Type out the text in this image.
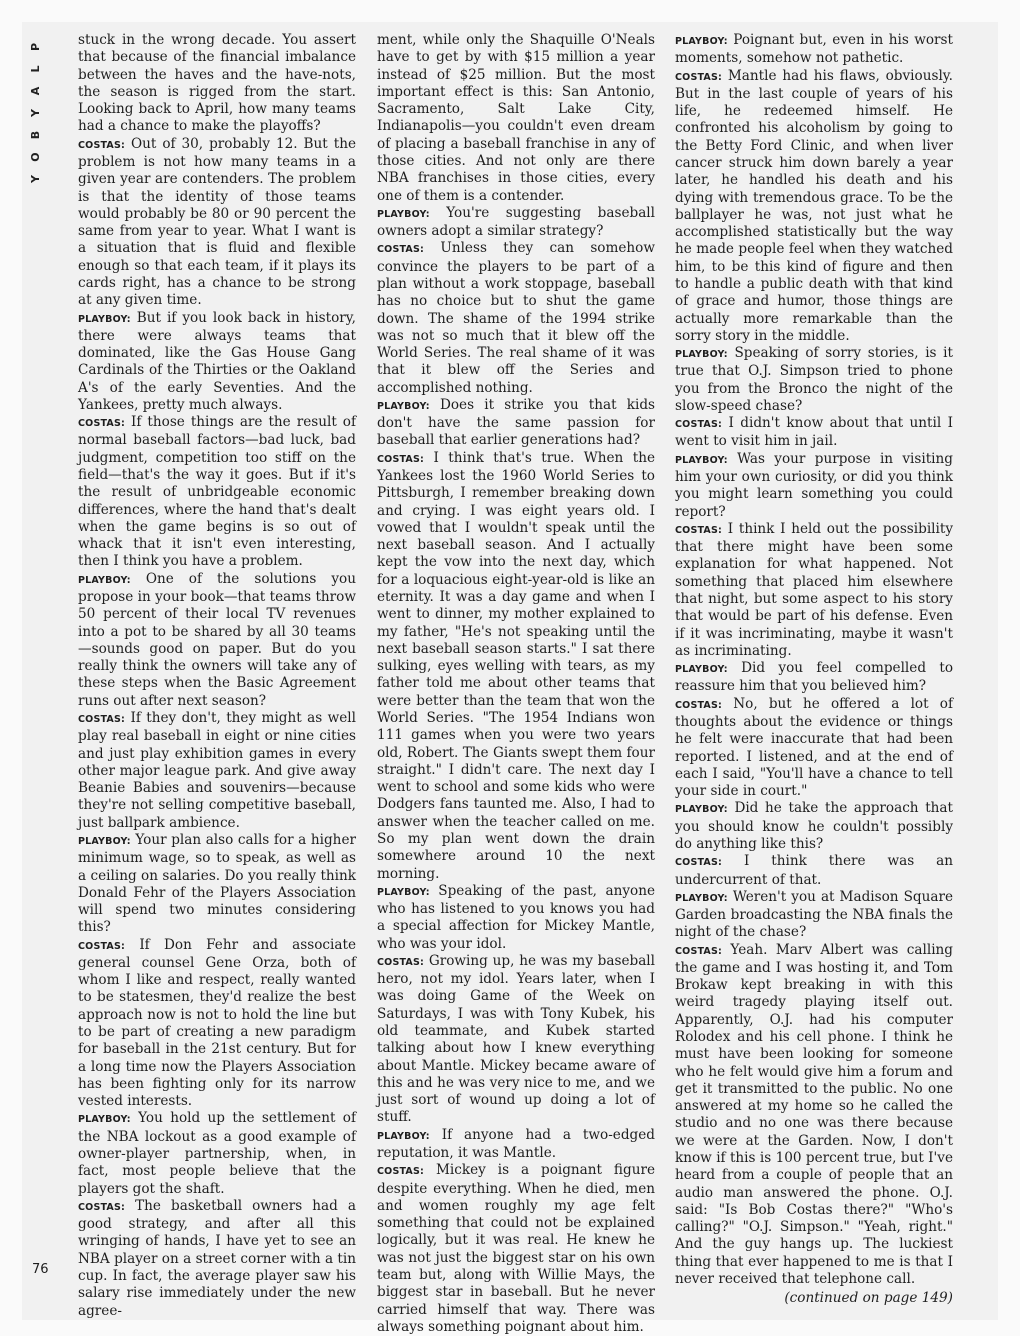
P
L
A
Y
B
O
Y

stuck in the wrong decade. You assert that because of the financial imbalance between the haves and the have-nots, the season is rigged from the start. Looking back to April, how many teams had a chance to make the playoffs?

COSTAS: Out of 30, probably 12. But the problem is not how many teams in a given year are contenders. The problem is that the identity of those teams would probably be 80 or 90 percent the same from year to year. What I want is a situation that is fluid and flexible enough so that each team, if it plays its cards right, has a chance to be strong at any given time.

PLAYBOY: But if you look back in history, there were always teams that dominated, like the Gas House Gang Cardinals of the Thirties or the Oakland A's of the early Seventies. And the Yankees, pretty much always.

COSTAS: If those things are the result of normal baseball factors—bad luck, bad judgment, competition too stiff on the field—that's the way it goes. But if it's the result of unbridgeable economic differences, where the hand that's dealt when the game begins is so out of whack that it isn't even interesting, then I think you have a problem.

PLAYBOY: One of the solutions you propose in your book—that teams throw 50 percent of their local TV revenues into a pot to be shared by all 30 teams—sounds good on paper. But do you really think the owners will take any of these steps when the Basic Agreement runs out after next season?

COSTAS: If they don't, they might as well play real baseball in eight or nine cities and just play exhibition games in every other major league park. And give away Beanie Babies and souvenirs—because they're not selling competitive baseball, just ballpark ambience.

PLAYBOY: Your plan also calls for a higher minimum wage, so to speak, as well as a ceiling on salaries. Do you really think Donald Fehr of the Players Association will spend two minutes considering this?

COSTAS: If Don Fehr and associate general counsel Gene Orza, both of whom I like and respect, really wanted to be statesmen, they'd realize the best approach now is not to hold the line but to be part of creating a new paradigm for baseball in the 21st century. But for a long time now the Players Association has been fighting only for its narrow vested interests.

PLAYBOY: You hold up the settlement of the NBA lockout as a good example of owner-player partnership, when, in fact, most people believe that the players got the shaft.

COSTAS: The basketball owners had a good strategy, and after all this wringing of hands, I have yet to see an NBA player on a street corner with a tin cup. In fact, the average player saw his salary rise immediately under the new agree-

ment, while only the Shaquille O'Neals have to get by with $15 million a year instead of $25 million. But the most important effect is this: San Antonio, Sacramento, Salt Lake City, Indianapolis—you couldn't even dream of placing a baseball franchise in any of those cities. And not only are there NBA franchises in those cities, every one of them is a contender.

PLAYBOY: You're suggesting baseball owners adopt a similar strategy?

COSTAS: Unless they can somehow convince the players to be part of a plan without a work stoppage, baseball has no choice but to shut the game down. The shame of the 1994 strike was not so much that it blew off the World Series. The real shame of it was that it blew off the Series and accomplished nothing.

PLAYBOY: Does it strike you that kids don't have the same passion for baseball that earlier generations had?

COSTAS: I think that's true. When the Yankees lost the 1960 World Series to Pittsburgh, I remember breaking down and crying. I was eight years old. I vowed that I wouldn't speak until the next baseball season. And I actually kept the vow into the next day, which for a loquacious eight-year-old is like an eternity. It was a day game and when I went to dinner, my mother explained to my father, "He's not speaking until the next baseball season starts." I sat there sulking, eyes welling with tears, as my father told me about other teams that were better than the team that won the World Series. "The 1954 Indians won 111 games when you were two years old, Robert. The Giants swept them four straight." I didn't care. The next day I went to school and some kids who were Dodgers fans taunted me. Also, I had to answer when the teacher called on me. So my plan went down the drain somewhere around 10 the next morning.

PLAYBOY: Speaking of the past, anyone who has listened to you knows you had a special affection for Mickey Mantle, who was your idol.

COSTAS: Growing up, he was my baseball hero, not my idol. Years later, when I was doing Game of the Week on Saturdays, I was with Tony Kubek, his old teammate, and Kubek started talking about how I knew everything about Mantle. Mickey became aware of this and he was very nice to me, and we just sort of wound up doing a lot of stuff.

PLAYBOY: If anyone had a two-edged reputation, it was Mantle.

COSTAS: Mickey is a poignant figure despite everything. When he died, men and women roughly my age felt something that could not be explained logically, but it was real. He knew he was not just the biggest star on his own team but, along with Willie Mays, the biggest star in baseball. But he never carried himself that way. There was always something poignant about him.

PLAYBOY: Poignant but, even in his worst moments, somehow not pathetic.

COSTAS: Mantle had his flaws, obviously. But in the last couple of years of his life, he redeemed himself. He confronted his alcoholism by going to the Betty Ford Clinic, and when liver cancer struck him down barely a year later, he handled his death and his dying with tremendous grace. To be the ballplayer he was, not just what he accomplished statistically but the way he made people feel when they watched him, to be this kind of figure and then to handle a public death with that kind of grace and humor, those things are actually more remarkable than the sorry story in the middle.

PLAYBOY: Speaking of sorry stories, is it true that O.J. Simpson tried to phone you from the Bronco the night of the slow-speed chase?

COSTAS: I didn't know about that until I went to visit him in jail.

PLAYBOY: Was your purpose in visiting him your own curiosity, or did you think you might learn something you could report?

COSTAS: I think I held out the possibility that there might have been some explanation for what happened. Not something that placed him elsewhere that night, but some aspect to his story that would be part of his defense. Even if it was incriminating, maybe it wasn't as incriminating.

PLAYBOY: Did you feel compelled to reassure him that you believed him?

COSTAS: No, but he offered a lot of thoughts about the evidence or things he felt were inaccurate that had been reported. I listened, and at the end of each I said, "You'll have a chance to tell your side in court."

PLAYBOY: Did he take the approach that you should know he couldn't possibly do anything like this?

COSTAS: I think there was an undercurrent of that.

PLAYBOY: Weren't you at Madison Square Garden broadcasting the NBA finals the night of the chase?

COSTAS: Yeah. Marv Albert was calling the game and I was hosting it, and Tom Brokaw kept breaking in with this weird tragedy playing itself out. Apparently, O.J. had his computer Rolodex and his cell phone. I think he must have been looking for someone who he felt would give him a forum and get it transmitted to the public. No one answered at my home so he called the studio and no one was there because we were at the Garden. Now, I don't know if this is 100 percent true, but I've heard from a couple of people that an audio man answered the phone. O.J. said: "Is Bob Costas there?" "Who's calling?" "O.J. Simpson." "Yeah, right." And the guy hangs up. The luckiest thing that ever happened to me is that I never received that telephone call.

(continued on page 149)

76
